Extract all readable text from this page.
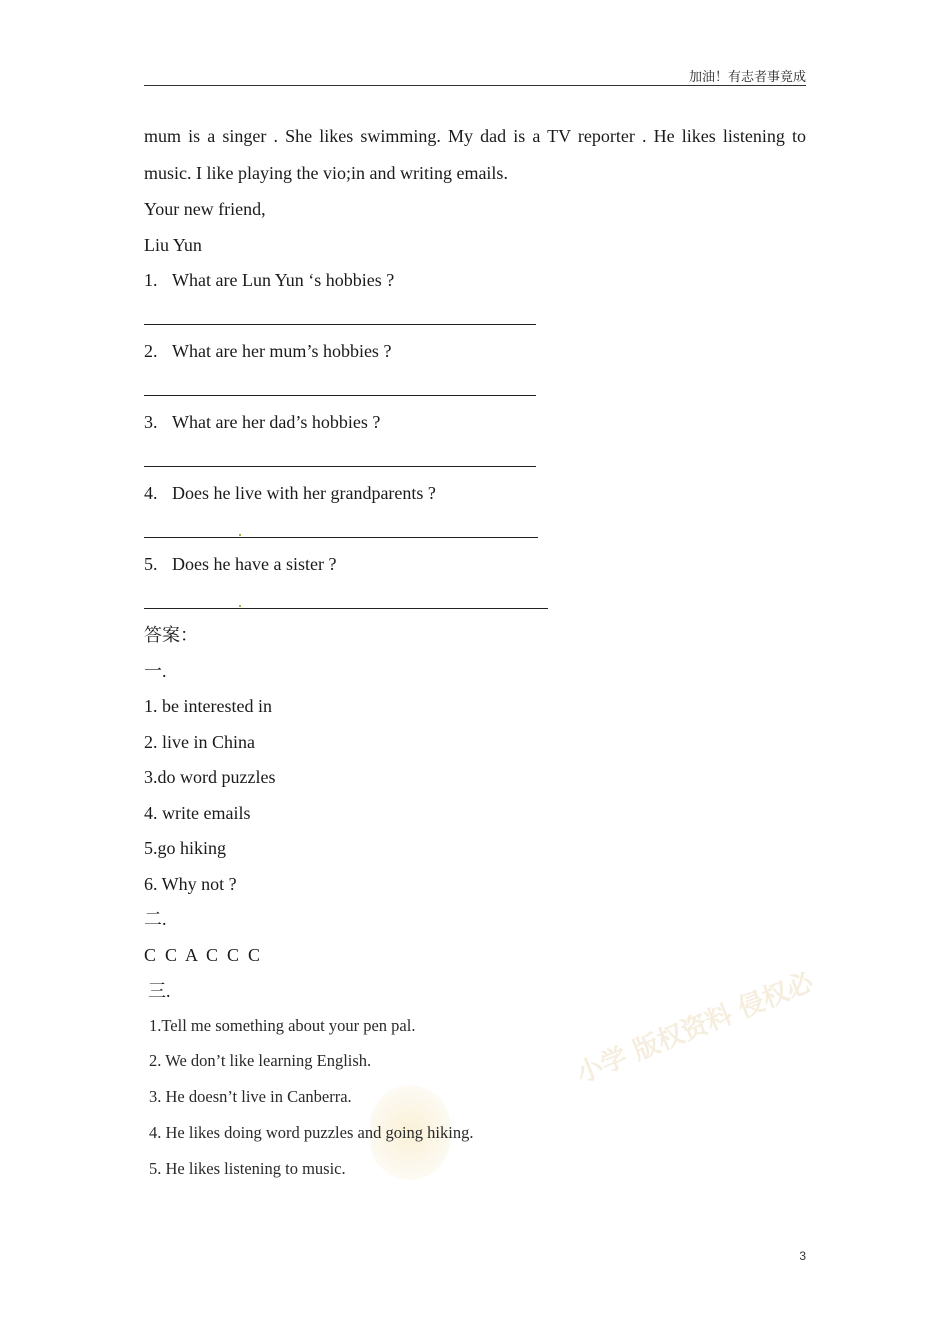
加油！有志者事竟成
小学 版权资料 侵权必
mum is a singer . She likes swimming. My dad is a TV reporter . He likes listening to music. I like playing the vio;in and writing emails.
Your new friend,
Liu Yun
1. What are Lun Yun ‘s hobbies ?
2. What are her mum’s hobbies ?
3. What are her dad’s hobbies ?
4. Does he live with her grandparents ?
5. Does he have a sister ?
答案：
一.
1. be interested in
2. live in China
3.do word puzzles
4. write emails
5.go hiking
6. Why not ?
二.
C  C  A  C  C  C
三.
1.Tell me something about your pen pal.
2. We don’t like learning English.
3. He doesn’t live in Canberra.
4. He likes doing word puzzles and going hiking.
5. He likes listening to music.
3
